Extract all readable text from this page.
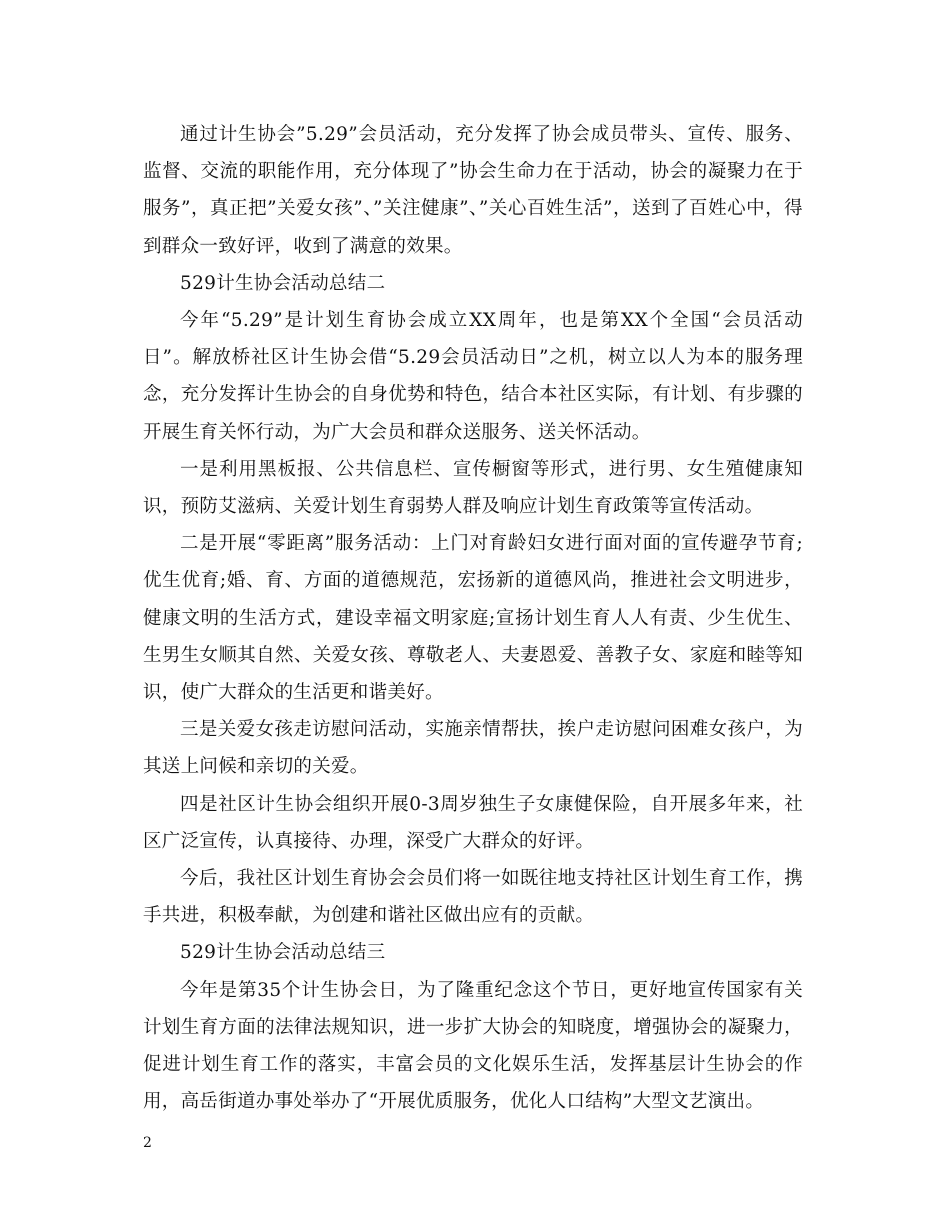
通过计生协会”5.29”会员活动，充分发挥了协会成员带头、宣传、服务、监督、交流的职能作用，充分体现了”协会生命力在于活动，协会的凝聚力在于服务”，真正把”关爱女孩”、”关注健康”、”关心百姓生活”，送到了百姓心中，得到群众一致好评，收到了满意的效果。

529计生协会活动总结二

今年“5.29”是计划生育协会成立XX周年，也是第XX个全国“会员活动日”。解放桥社区计生协会借“5.29会员活动日”之机，树立以人为本的服务理念，充分发挥计生协会的自身优势和特色，结合本社区实际，有计划、有步骤的开展生育关怀行动，为广大会员和群众送服务、送关怀活动。

一是利用黑板报、公共信息栏、宣传橱窗等形式，进行男、女生殖健康知识，预防艾滋病、关爱计划生育弱势人群及响应计划生育政策等宣传活动。

二是开展“零距离”服务活动：上门对育龄妇女进行面对面的宣传避孕节育;优生优育;婚、育、方面的道德规范，宏扬新的道德风尚，推进社会文明进步，健康文明的生活方式，建设幸福文明家庭;宣扬计划生育人人有责、少生优生、生男生女顺其自然、关爱女孩、尊敬老人、夫妻恩爱、善教子女、家庭和睦等知识，使广大群众的生活更和谐美好。

三是关爱女孩走访慰问活动，实施亲情帮扶，挨户走访慰问困难女孩户，为其送上问候和亲切的关爱。

四是社区计生协会组织开展0-3周岁独生子女康健保险，自开展多年来，社区广泛宣传，认真接待、办理，深受广大群众的好评。

今后，我社区计划生育协会会员们将一如既往地支持社区计划生育工作，携手共进，积极奉献，为创建和谐社区做出应有的贡献。

529计生协会活动总结三

今年是第35个计生协会日，为了隆重纪念这个节日，更好地宣传国家有关计划生育方面的法律法规知识，进一步扩大协会的知晓度，增强协会的凝聚力，促进计划生育工作的落实，丰富会员的文化娱乐生活，发挥基层计生协会的作用，高岳街道办事处举办了“开展优质服务，优化人口结构”大型文艺演出。

2
